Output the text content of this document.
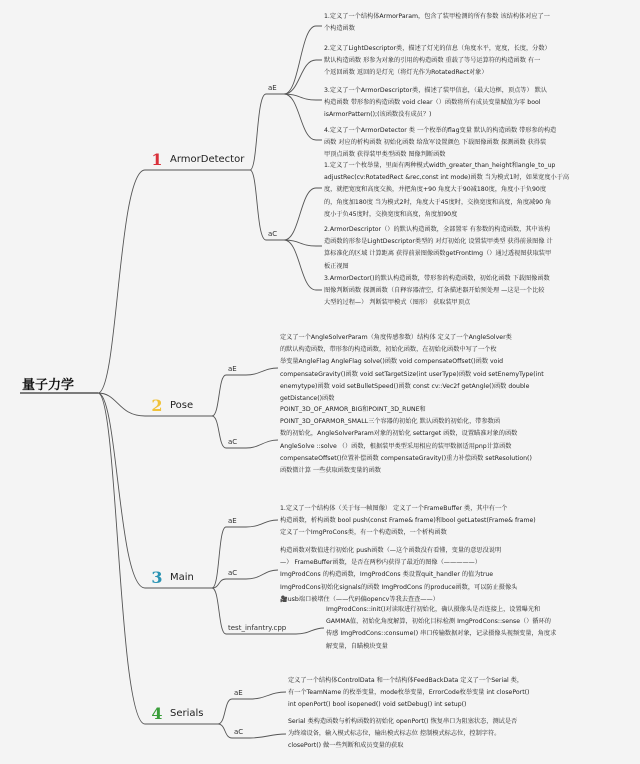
量子力学
1 ArmorDetector
aE
1.定义了一个结构体ArmorParam，包含了装甲检测的所有参数 该结构体对应了一
个构造函数
2.定义了LightDescriptor类，描述了灯光的信息（角度水平，宽度，长度，分数）
默认构造函数 形参为对象的引用的构造函数 重载了等号运算符的构造函数 有一
个返回函数 返回的是灯光（将灯光作为RotatedRect对象）
3.定义了一个ArmorDescriptor类，描述了装甲信息，（最大边框，顶点等） 默认
构造函数 带形参的构造函数 void clear（）函数将所有成员变量赋值为零 bool
isArmorPattern();(该函数没有成员？)
4.定义了一个ArmorDetector 类 一个枚举的flag变量 默认的构造函数 带形参的构造
函数 对应的析构函数 初始化函数 给敌军设置颜色 下载图像函数 探测函数 获得装
甲顶点函数 获得装甲类型函数 图像判断函数
aC
1.定义了一个枚举量，里面有两种模式width_greater_than_height和angle_to_up
adjustRec(cv:RotatedRect &rec,const int mode)函数 当为模式1时，如果宽度小于高
度，就把宽度和高度交换，并把角度+90 角度大于90减180度，角度小于负90度
的，角度加180度 当为模式2时，角度大于45度时，交换宽度和高度，角度减90 角
度小于负45度时，交换宽度和高度，角度加90度
2.ArmorDescriptor（）的默认构造函数，全部置零 有参数的构造函数，其中该构
造函数的形参是LightDescriptor类型的 对灯初始化 设置装甲类型 获得前景图像 计
算标准化的区域 计算距离 获得前景图像函数getFrontImg（）通过透视图获取装甲
板正视图
3.ArmorDector()的默认构造函数，带形参的构造函数，初始化函数 下载图像函数
图像判断函数 探测函数（自释容器清空，灯条描述器开始预处理 —这是一个比较
大型的过程—） 判断装甲模式（图形） 获取装甲顶点
2 Pose
aE
定义了一个AngleSolverParam（角度传感参数）结构体 定义了一个AngleSolver类
的默认构造函数，带形参的构造函数，初始化函数，在初始化函数中写了一个枚
举变量AngleFlag AngleFlag solve()函数 void compensateOffset()函数 void
compensateGravity()函数 void setTargetSize(int userType)函数 void setEnemyType(int
enemytype)函数 void setBulletSpeed()函数 const cv::Vec2f getAngle()函数 double
getDistance()函数
aC
POINT_3D_OF_ARMOR_BIG和POINT_3D_RUNE和
POINT_3D_OFARMOR_SMALL三个容器的初始化 默认函数的初始化，带参数函
数的初始化，AngleSolverParam对象的初始化 settarget 函数，设置瞄准对象的函数
AngleSolve ::solve （）函数，根据装甲类型采用相应的装甲数据适用pnp计算函数
compensateOffset()位置补偿函数 compensateGravity()重力补偿函数 setResolution()
函数微计算 一些获取函数变量的函数
3 Main
aE
1.定义了一个结构体（关于每一帧图像） 定义了一个FrameBuffer 类，其中有一个
构造函数，析构函数 bool push(const Frame& frame)和bool getLatest(Frame& frame)
定义了一个ImgProCons类，有一个构造函数，一个析构函数
aC
构造函数对数值进行初始化 push函数（—这个函数没有看懂，变量的意思没说明
—） FrameBuffer函数，是否在两秒内获得了最近的图像（—————）
ImgProdCons 的构造函数，ImgProdCons 类设置quit_handler 的值为true
ImgProdCons初始化signals的函数 ImgProdCons 的produce函数，可以防止摄像头
🎥usb端口被堵住（——代码偏opencv等我去查查——）
test_infantry.cpp
ImgProdCons::init()对读取进行初始化，确认摄像头是否连接上，设置曝光和
GAMMA值，初始化角度解算，初始化目标检测 ImgProdCons::sense（）循环的
传感 ImgProdCons::consume() 串口传输数据对象，记录摄像头视频变量，角度求
解变量，自瞄模块变量
4 Serials
aE
定义了一个结构体ControlData 和一个结构体FeedBackData 定义了一个Serial 类，
有一个TeamName 的枚举变量，mode枚举变量，ErrorCode枚举变量 int closePort()
int openPort() bool isopened() void setDebug() int setup()
aC
Serial 类构造函数与析构函数的初始化 openPort() 恢复串口为阻塞状态，测试是否
为终端设备，输入模式标志位，输出模式标志位 控制模式标志位，控制字符。
closePort() 做一些判断和成员变量的获取
